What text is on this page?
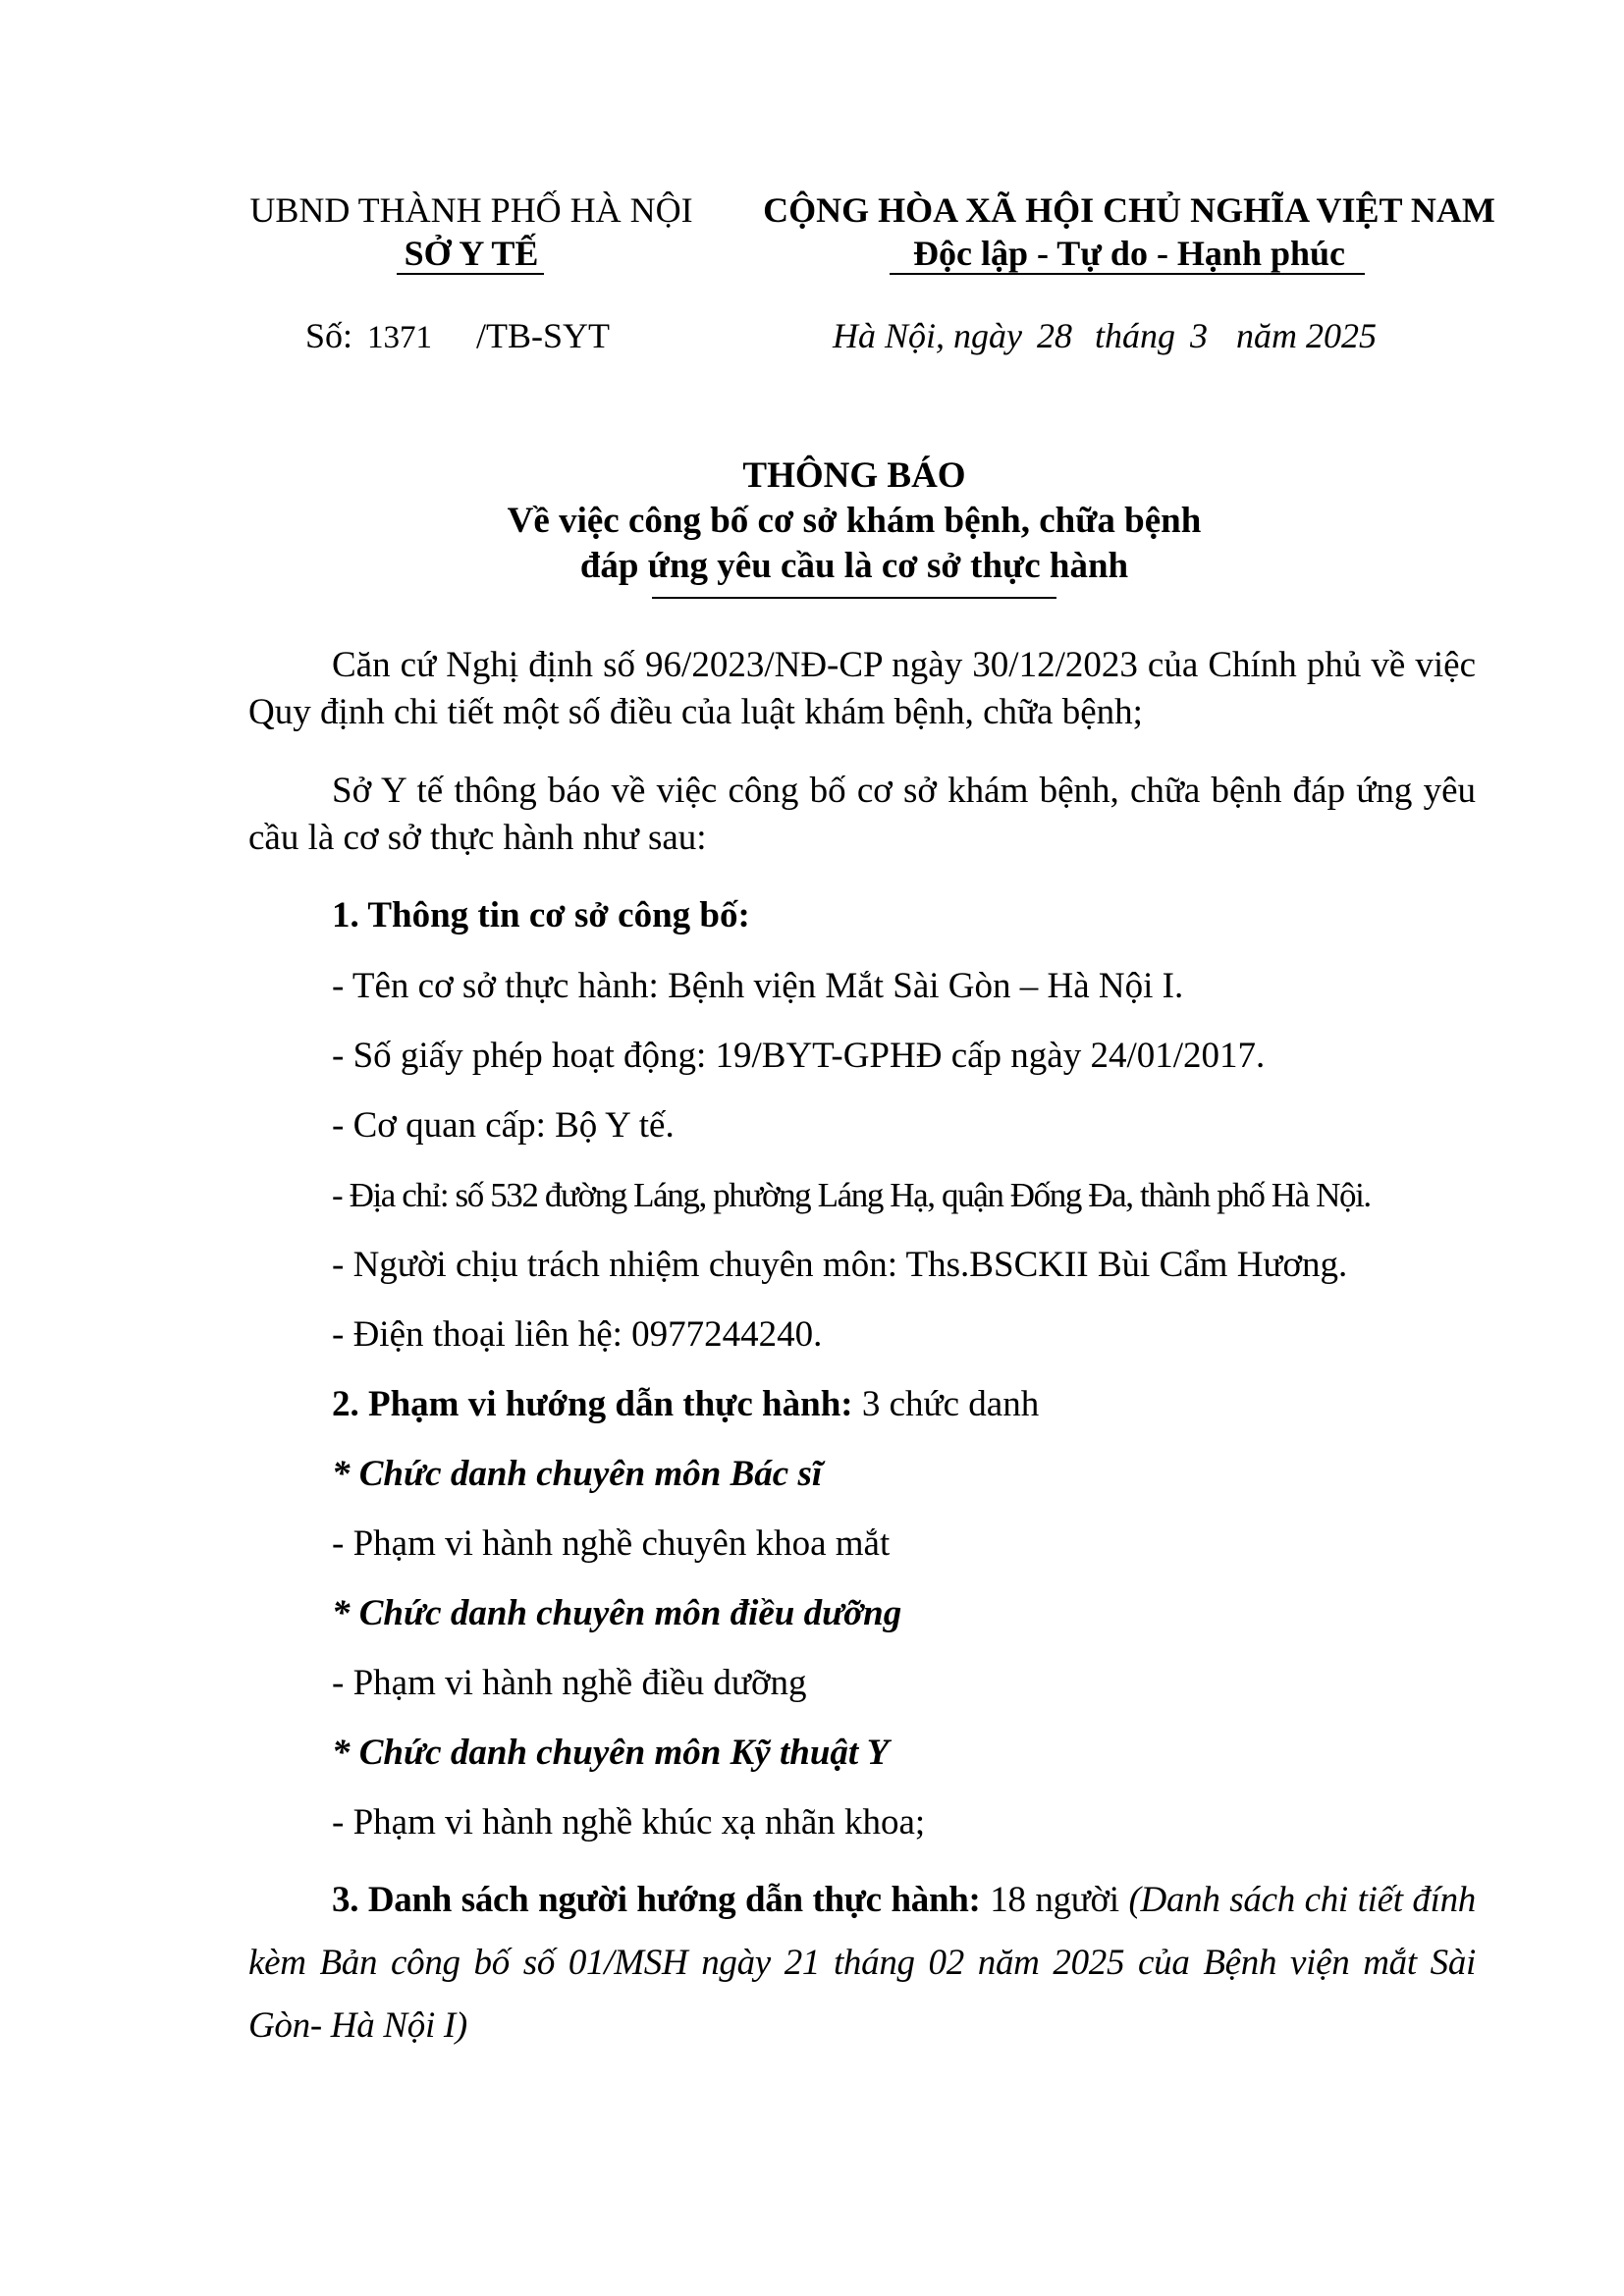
UBND THÀNH PHỐ HÀ NỘI
SỞ Y TẾ
CỘNG HÒA XÃ HỘI CHỦ NGHĨA VIỆT NAM
Độc lập - Tự do - Hạnh phúc
Số: 1371 /TB-SYT	Hà Nội, ngày 28 tháng 3 năm 2025
THÔNG BÁO
Về việc công bố cơ sở khám bệnh, chữa bệnh
đáp ứng yêu cầu là cơ sở thực hành
Căn cứ Nghị định số 96/2023/NĐ-CP ngày 30/12/2023 của Chính phủ về việc Quy định chi tiết một số điều của luật khám bệnh, chữa bệnh;
Sở Y tế thông báo về việc công bố cơ sở khám bệnh, chữa bệnh đáp ứng yêu cầu là cơ sở thực hành như sau:
1. Thông tin cơ sở công bố:
- Tên cơ sở thực hành: Bệnh viện Mắt Sài Gòn – Hà Nội I.
- Số giấy phép hoạt động: 19/BYT-GPHĐ cấp ngày 24/01/2017.
- Cơ quan cấp: Bộ Y tế.
- Địa chỉ: số 532 đường Láng, phường Láng Hạ, quận Đống Đa, thành phố Hà Nội.
- Người chịu trách nhiệm chuyên môn: Ths.BSCKII Bùi Cẩm Hương.
- Điện thoại liên hệ: 0977244240.
2. Phạm vi hướng dẫn thực hành: 3 chức danh
* Chức danh chuyên môn Bác sĩ
- Phạm vi hành nghề chuyên khoa mắt
* Chức danh chuyên môn điều dưỡng
- Phạm vi hành nghề điều dưỡng
* Chức danh chuyên môn Kỹ thuật Y
- Phạm vi hành nghề khúc xạ nhãn khoa;
3. Danh sách người hướng dẫn thực hành: 18 người (Danh sách chi tiết đính kèm Bản công bố số 01/MSH ngày 21 tháng 02 năm 2025 của Bệnh viện mắt Sài Gòn- Hà Nội I)
